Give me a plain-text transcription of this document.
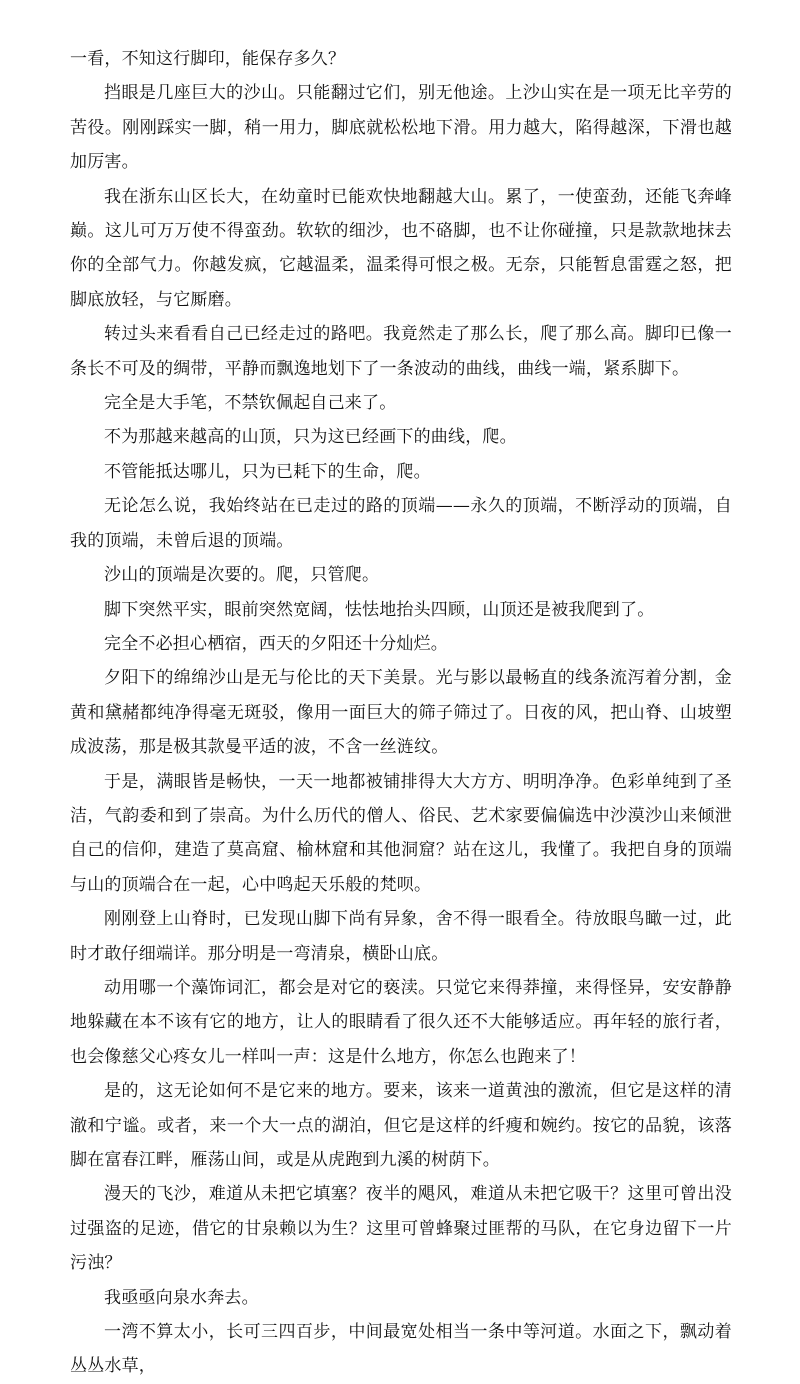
一看，不知这行脚印，能保存多久？

挡眼是几座巨大的沙山。只能翻过它们，别无他途。上沙山实在是一项无比辛劳的苦役。刚刚踩实一脚，稍一用力，脚底就松松地下滑。用力越大，陷得越深，下滑也越加厉害。

我在浙东山区长大，在幼童时已能欢快地翻越大山。累了，一使蛮劲，还能飞奔峰巅。这儿可万万使不得蛮劲。软软的细沙，也不硌脚，也不让你碰撞，只是款款地抹去你的全部气力。你越发疯，它越温柔，温柔得可恨之极。无奈，只能暂息雷霆之怒，把脚底放轻，与它厮磨。

转过头来看看自己已经走过的路吧。我竟然走了那么长，爬了那么高。脚印已像一条长不可及的绸带，平静而飘逸地划下了一条波动的曲线，曲线一端，紧系脚下。

完全是大手笔，不禁钦佩起自己来了。

不为那越来越高的山顶，只为这已经画下的曲线，爬。

不管能抵达哪儿，只为已耗下的生命，爬。

无论怎么说，我始终站在已走过的路的顶端——永久的顶端，不断浮动的顶端，自我的顶端，未曾后退的顶端。

沙山的顶端是次要的。爬，只管爬。

脚下突然平实，眼前突然宽阔，怯怯地抬头四顾，山顶还是被我爬到了。

完全不必担心栖宿，西天的夕阳还十分灿烂。

夕阳下的绵绵沙山是无与伦比的天下美景。光与影以最畅直的线条流泻着分割，金黄和黛赭都纯净得毫无斑驳，像用一面巨大的筛子筛过了。日夜的风，把山脊、山坡塑成波荡，那是极其款曼平适的波，不含一丝涟纹。

于是，满眼皆是畅快，一天一地都被铺排得大大方方、明明净净。色彩单纯到了圣洁，气韵委和到了崇高。为什么历代的僧人、俗民、艺术家要偏偏选中沙漠沙山来倾泄自己的信仰，建造了莫高窟、榆林窟和其他洞窟？站在这儿，我懂了。我把自身的顶端与山的顶端合在一起，心中鸣起天乐般的梵呗。

刚刚登上山脊时，已发现山脚下尚有异象，舍不得一眼看全。待放眼鸟瞰一过，此时才敢仔细端详。那分明是一弯清泉，横卧山底。

动用哪一个藻饰词汇，都会是对它的亵渎。只觉它来得莽撞，来得怪异，安安静静地躲藏在本不该有它的地方，让人的眼睛看了很久还不大能够适应。再年轻的旅行者，也会像慈父心疼女儿一样叫一声：这是什么地方，你怎么也跑来了！

是的，这无论如何不是它来的地方。要来，该来一道黄浊的激流，但它是这样的清澈和宁谧。或者，来一个大一点的湖泊，但它是这样的纤瘦和婉约。按它的品貌，该落脚在富春江畔，雁荡山间，或是从虎跑到九溪的树荫下。

漫天的飞沙，难道从未把它填塞？夜半的飓风，难道从未把它吸干？这里可曾出没过强盗的足迹，借它的甘泉赖以为生？这里可曾蜂聚过匪帮的马队，在它身边留下一片污浊？

我亟亟向泉水奔去。

一湾不算太小，长可三四百步，中间最宽处相当一条中等河道。水面之下，飘动着丛丛水草，
